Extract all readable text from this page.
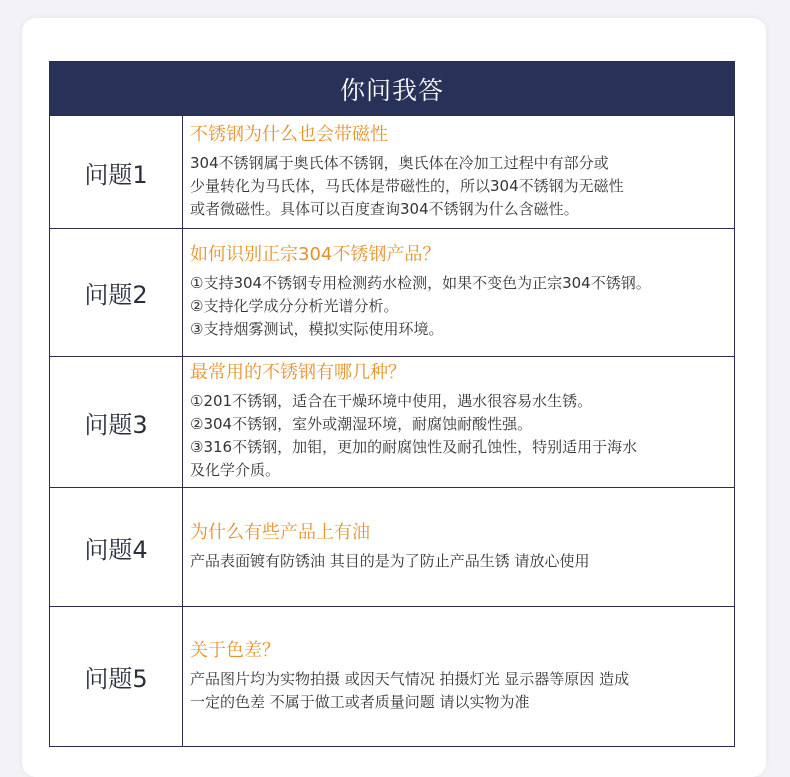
你问我答
问题1
不锈钢为什么也会带磁性
304不锈钢属于奥氏体不锈钢，奥氏体在冷加工过程中有部分或
少量转化为马氏体，马氏体是带磁性的，所以304不锈钢为无磁性
或者微磁性。具体可以百度查询304不锈钢为什么含磁性。
问题2
如何识别正宗304不锈钢产品？
①支持304不锈钢专用检测药水检测，如果不变色为正宗304不锈钢。
②支持化学成分分析光谱分析。
③支持烟雾测试，模拟实际使用环境。
问题3
最常用的不锈钢有哪几种？
①201不锈钢，适合在干燥环境中使用，遇水很容易水生锈。
②304不锈钢，室外或潮湿环境，耐腐蚀耐酸性强。
③316不锈钢，加钼，更加的耐腐蚀性及耐孔蚀性，特别适用于海水
及化学介质。
问题4
为什么有些产品上有油
产品表面镀有防锈油 其目的是为了防止产品生锈 请放心使用
问题5
关于色差？
产品图片均为实物拍摄 或因天气情况 拍摄灯光 显示器等原因 造成
一定的色差 不属于做工或者质量问题 请以实物为准
